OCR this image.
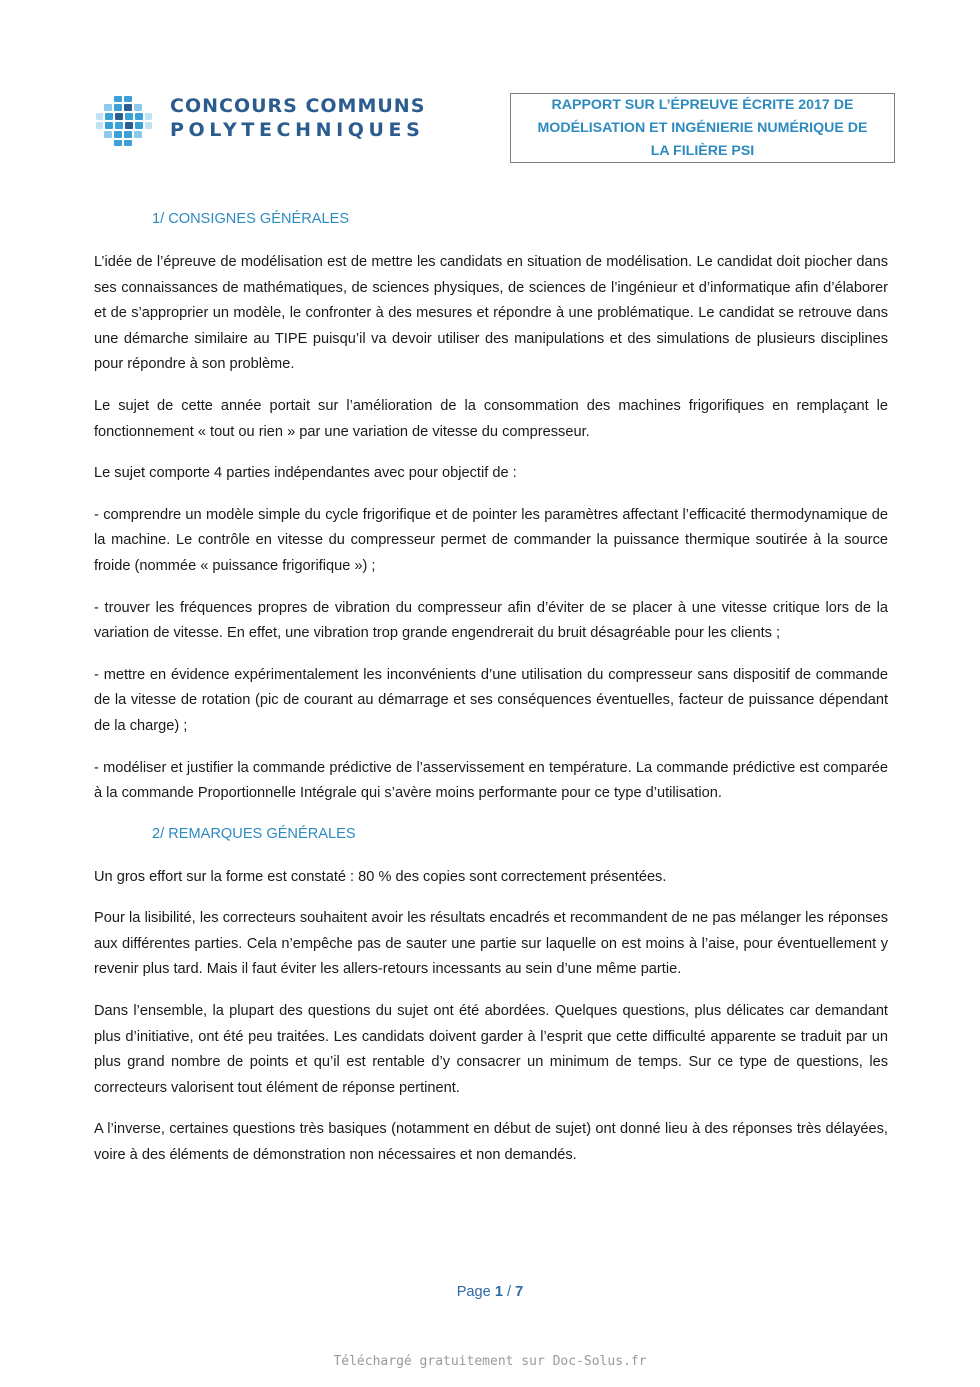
CONCOURS COMMUNS
POLYTECHNIQUES
RAPPORT SUR L’ÉPREUVE ÉCRITE 2017 DE
MODÉLISATION ET INGÉNIERIE NUMÉRIQUE DE
LA FILIÈRE PSI
1/ CONSIGNES GÉNÉRALES

L’idée de l’épreuve de modélisation est de mettre les candidats en situation de modélisation. Le candidat doit piocher dans ses connaissances de mathématiques, de sciences physiques, de sciences de l’ingénieur et d’informatique afin d’élaborer et de s’approprier un modèle, le confronter à des mesures et répondre à une problématique. Le candidat se retrouve dans une démarche similaire au TIPE puisqu’il va devoir utiliser des manipulations et des simulations de plusieurs disciplines pour répondre à son problème.

Le sujet de cette année portait sur l’amélioration de la consommation des machines frigorifiques en remplaçant le fonctionnement « tout ou rien » par une variation de vitesse du compresseur.

Le sujet comporte 4 parties indépendantes avec pour objectif de :

- comprendre un modèle simple du cycle frigorifique et de pointer les paramètres affectant l’efficacité thermodynamique de la machine. Le contrôle en vitesse du compresseur permet de commander la puissance thermique soutirée à la source froide (nommée « puissance frigorifique ») ;

- trouver les fréquences propres de vibration du compresseur afin d’éviter de se placer à une vitesse critique lors de la variation de vitesse. En effet, une vibration trop grande engendrerait du bruit désagréable pour les clients ;

- mettre en évidence expérimentalement les inconvénients d’une utilisation du compresseur sans dispositif de commande de la vitesse de rotation (pic de courant au démarrage et ses conséquences éventuelles, facteur de puissance dépendant de la charge) ;

- modéliser et justifier la commande prédictive de l’asservissement en température. La commande prédictive est comparée à la commande Proportionnelle Intégrale qui s’avère moins performante pour ce type d’utilisation.

2/ REMARQUES GÉNÉRALES

Un gros effort sur la forme est constaté : 80 % des copies sont correctement présentées.

Pour la lisibilité, les correcteurs souhaitent avoir les résultats encadrés et recommandent de ne pas mélanger les réponses aux différentes parties. Cela n’empêche pas de sauter une partie sur laquelle on est moins à l’aise, pour éventuellement y revenir plus tard. Mais il faut éviter les allers-retours incessants au sein d’une même partie.

Dans l’ensemble, la plupart des questions du sujet ont été abordées. Quelques questions, plus délicates car demandant plus d’initiative, ont été peu traitées. Les candidats doivent garder à l’esprit que cette difficulté apparente se traduit par un plus grand nombre de points et qu’il est rentable d’y consacrer un minimum de temps. Sur ce type de questions, les correcteurs valorisent tout élément de réponse pertinent.

A l’inverse, certaines questions très basiques (notamment en début de sujet) ont donné lieu à des réponses très délayées, voire à des éléments de démonstration non nécessaires et non demandés.

Page 1 / 7
Téléchargé gratuitement sur Doc-Solus.fr
